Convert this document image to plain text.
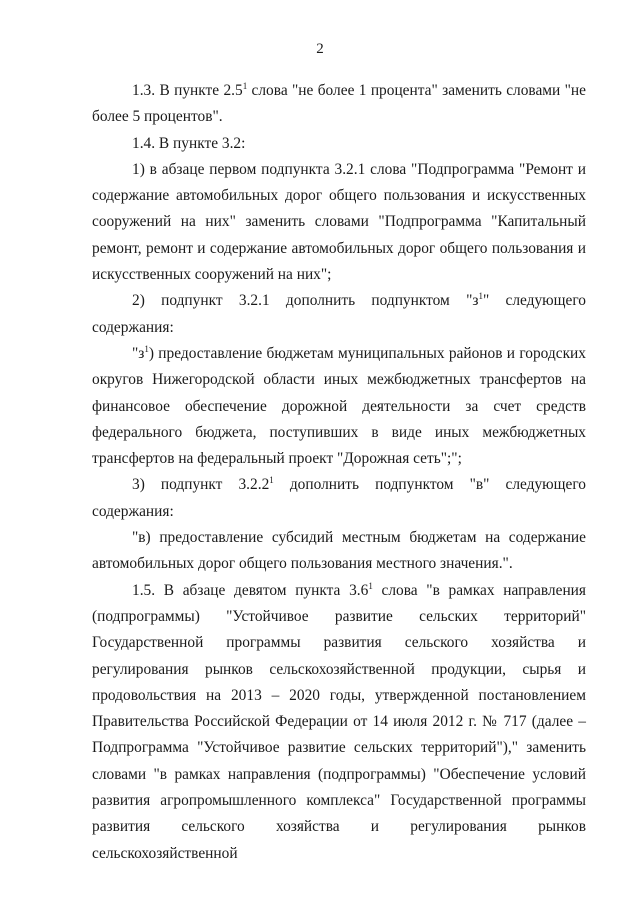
2

1.3. В пункте $2.5^1$ слова "не более 1 процента" заменить словами "не более 5 процентов".

1.4. В пункте 3.2:

1) в абзаце первом подпункта 3.2.1 слова "Подпрограмма "Ремонт и содержание автомобильных дорог общего пользования и искусственных сооружений на них" заменить словами "Подпрограмма "Капитальный ремонт, ремонт и содержание автомобильных дорог общего пользования и искусственных сооружений на них";

2) подпункт 3.2.1 дополнить подпунктом "$з^1$" следующего содержания:

"$з^1$) предоставление бюджетам муниципальных районов и городских округов Нижегородской области иных межбюджетных трансфертов на финансовое обеспечение дорожной деятельности за счет средств федерального бюджета, поступивших в виде иных межбюджетных трансфертов на федеральный проект "Дорожная сеть";";

3) подпункт 3.2.2$^1$ дополнить подпунктом "в" следующего содержания:

"в) предоставление субсидий местным бюджетам на содержание автомобильных дорог общего пользования местного значения.".

1.5. В абзаце девятом пункта $3.6^1$ слова "в рамках направления (подпрограммы) "Устойчивое развитие сельских территорий" Государственной программы развития сельского хозяйства и регулирования рынков сельскохозяйственной продукции, сырья и продовольствия на 2013 – 2020 годы, утвержденной постановлением Правительства Российской Федерации от 14 июля 2012 г. № 717 (далее – Подпрограмма "Устойчивое развитие сельских территорий")," заменить словами "в рамках направления (подпрограммы) "Обеспечение условий развития агропромышленного комплекса" Государственной программы развития сельского хозяйства и регулирования рынков сельскохозяйственной
